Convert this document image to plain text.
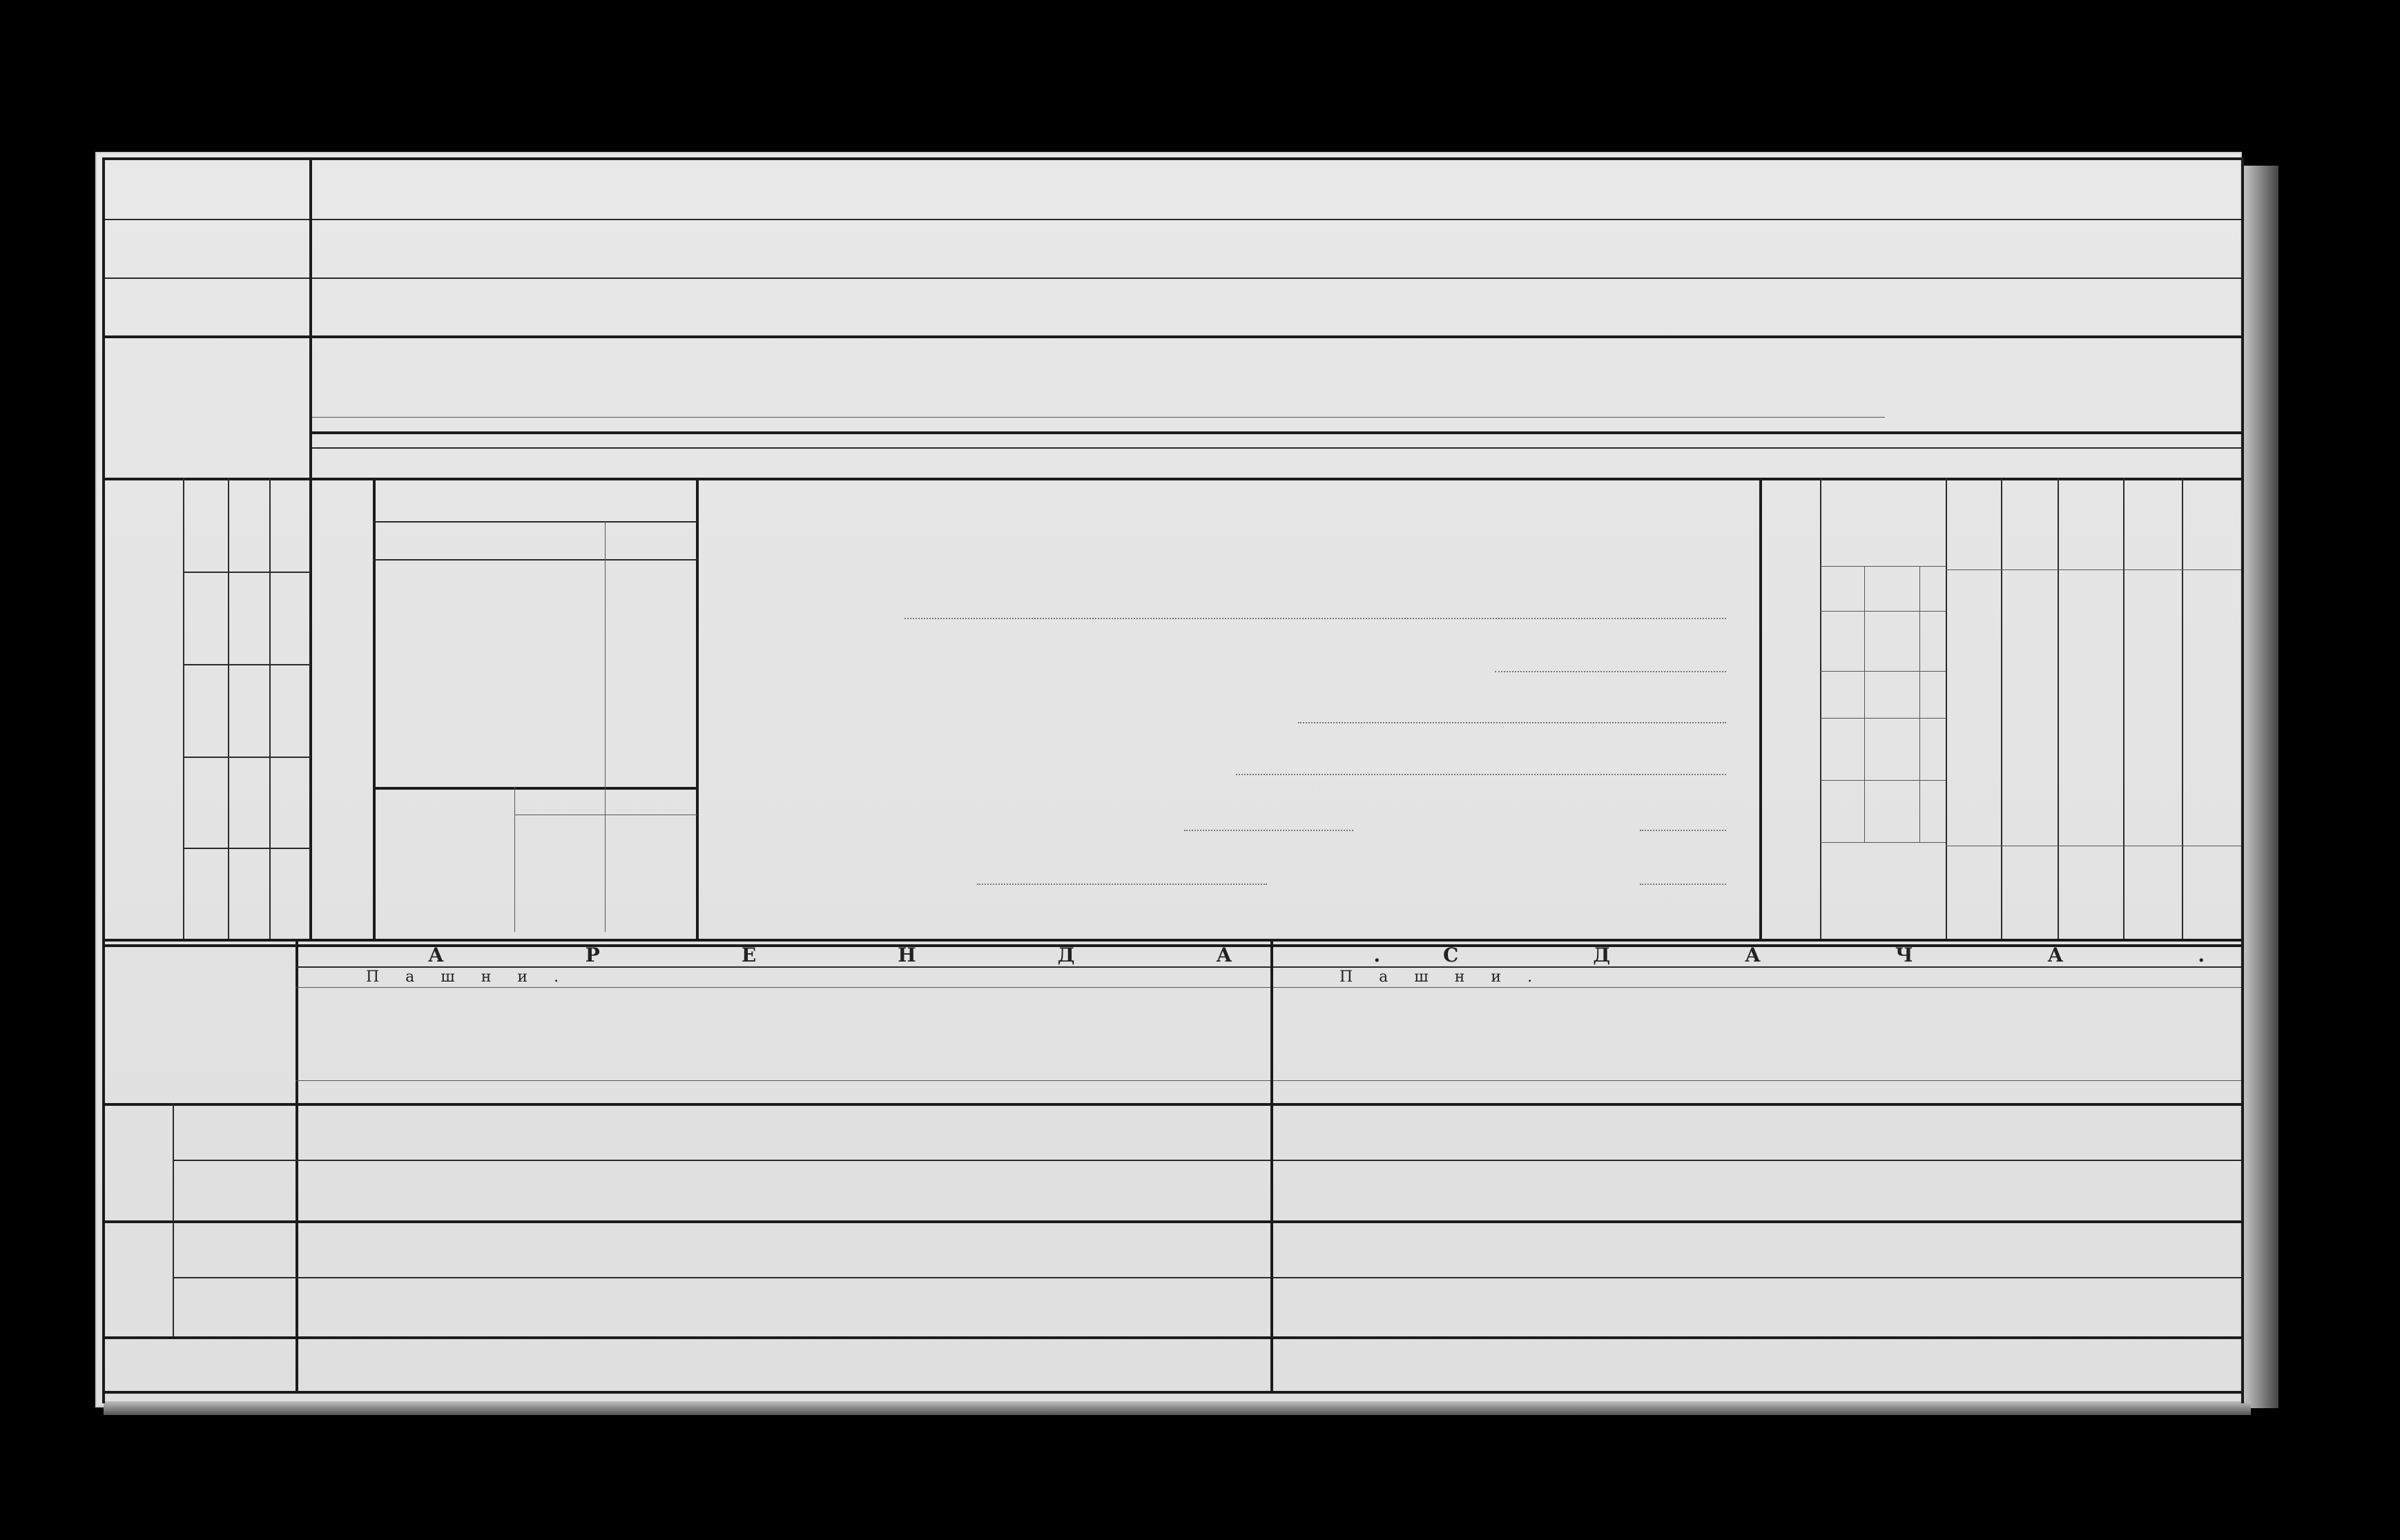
АРЕНДА.
СДАЧА.
Пашни.	Пашни.
